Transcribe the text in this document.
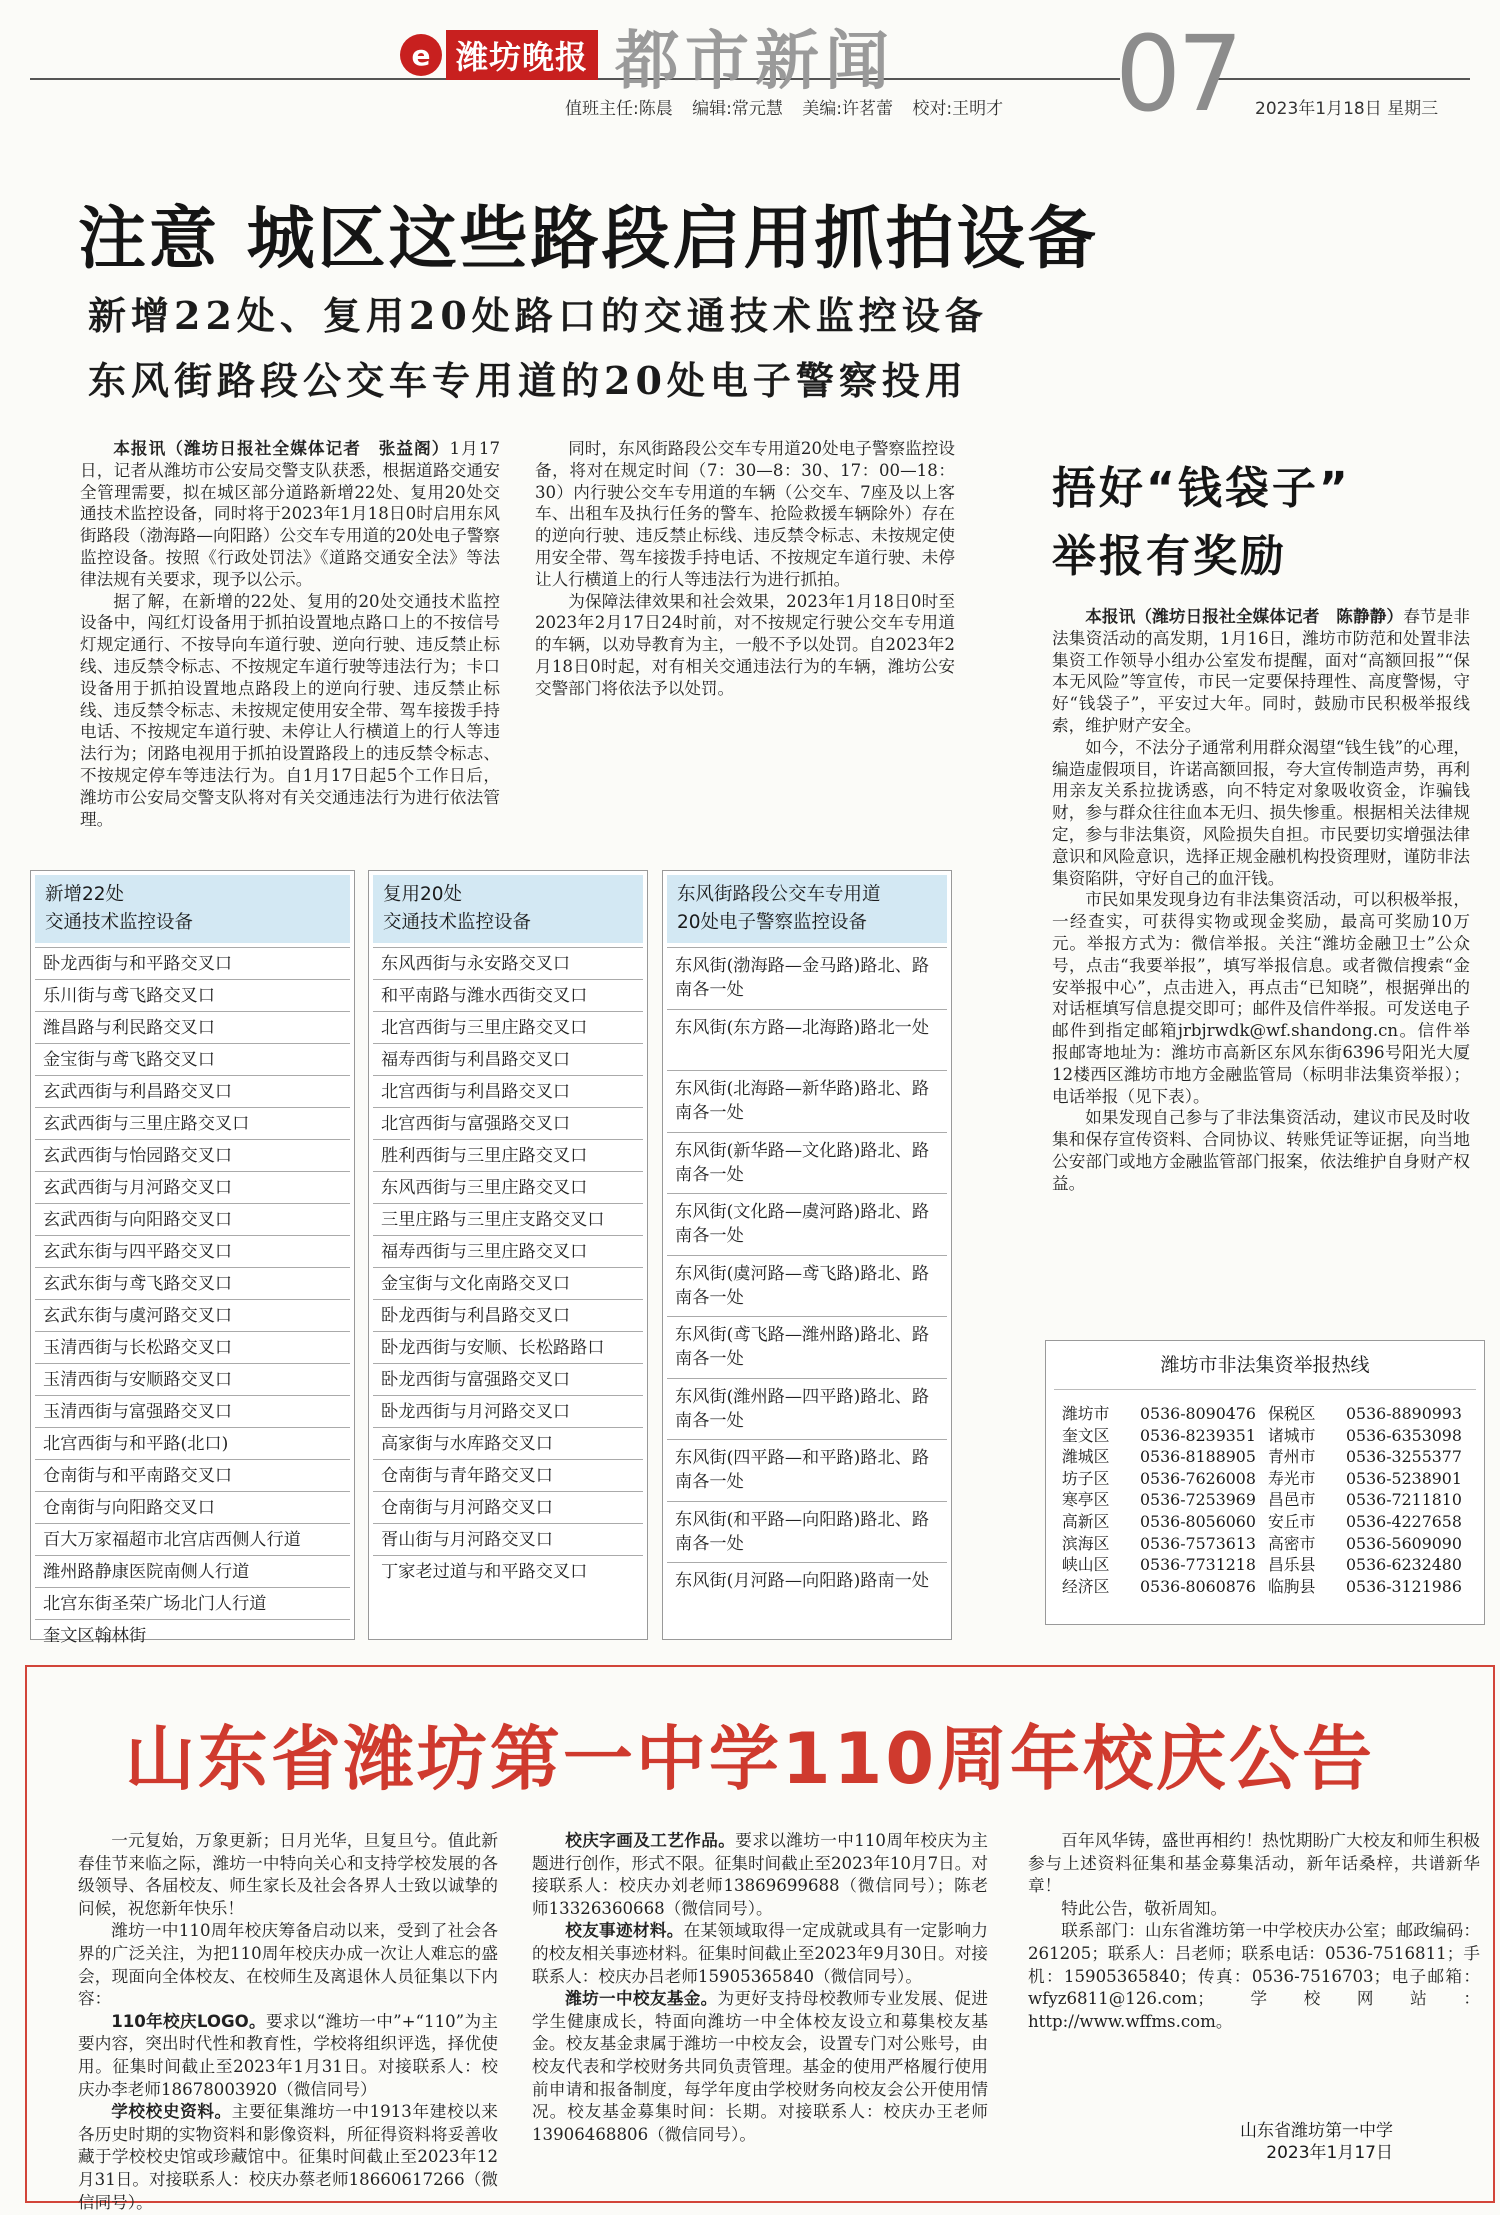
e 潍坊晚报 都市新闻 07
值班主任:陈晨 编辑:常元慧 美编:许茗蕾 校对:王明才	2023年1月18日 星期三
注意 城区这些路段启用抓拍设备
新增22处、复用20处路口的交通技术监控设备
东风街路段公交车专用道的20处电子警察投用

本报讯（潍坊日报社全媒体记者　张益阁）1月17日，记者从潍坊市公安局交警支队获悉，根据道路交通安全管理需要，拟在城区部分道路新增22处、复用20处交通技术监控设备，同时将于2023年1月18日0时启用东风街路段（渤海路—向阳路）公交车专用道的20处电子警察监控设备。按照《行政处罚法》《道路交通安全法》等法律法规有关要求，现予以公示。

据了解，在新增的22处、复用的20处交通技术监控设备中，闯红灯设备用于抓拍设置地点路口上的不按信号灯规定通行、不按导向车道行驶、逆向行驶、违反禁止标线、违反禁令标志、不按规定车道行驶等违法行为；卡口设备用于抓拍设置地点路段上的逆向行驶、违反禁止标线、违反禁令标志、未按规定使用安全带、驾车接拨手持电话、不按规定车道行驶、未停让人行横道上的行人等违法行为；闭路电视用于抓拍设置路段上的违反禁令标志、不按规定停车等违法行为。自1月17日起5个工作日后，潍坊市公安局交警支队将对有关交通违法行为进行依法管理。

同时，东风街路段公交车专用道20处电子警察监控设备，将对在规定时间（7：30—8：30、17：00—18：30）内行驶公交车专用道的车辆（公交车、7座及以上客车、出租车及执行任务的警车、抢险救援车辆除外）存在的逆向行驶、违反禁止标线、违反禁令标志、未按规定使用安全带、驾车接拨手持电话、不按规定车道行驶、未停让人行横道上的行人等违法行为进行抓拍。

为保障法律效果和社会效果，2023年1月18日0时至2023年2月17日24时前，对不按规定行驶公交车专用道的车辆，以劝导教育为主，一般不予以处罚。自2023年2月18日0时起，对有相关交通违法行为的车辆，潍坊公安交警部门将依法予以处罚。

新增22处
交通技术监控设备
卧龙西街与和平路交叉口
乐川街与鸢飞路交叉口
潍昌路与利民路交叉口
金宝街与鸢飞路交叉口
玄武西街与利昌路交叉口
玄武西街与三里庄路交叉口
玄武西街与怡园路交叉口
玄武西街与月河路交叉口
玄武西街与向阳路交叉口
玄武东街与四平路交叉口
玄武东街与鸢飞路交叉口
玄武东街与虞河路交叉口
玉清西街与长松路交叉口
玉清西街与安顺路交叉口
玉清西街与富强路交叉口
北宫西街与和平路(北口)
仓南街与和平南路交叉口
仓南街与向阳路交叉口
百大万家福超市北宫店西侧人行道
潍州路静康医院南侧人行道
北宫东街圣荣广场北门人行道
奎文区翰林街
复用20处
交通技术监控设备
东风西街与永安路交叉口
和平南路与潍水西街交叉口
北宫西街与三里庄路交叉口
福寿西街与利昌路交叉口
北宫西街与利昌路交叉口
北宫西街与富强路交叉口
胜利西街与三里庄路交叉口
东风西街与三里庄路交叉口
三里庄路与三里庄支路交叉口
福寿西街与三里庄路交叉口
金宝街与文化南路交叉口
卧龙西街与利昌路交叉口
卧龙西街与安顺、长松路路口
卧龙西街与富强路交叉口
卧龙西街与月河路交叉口
高家街与水库路交叉口
仓南街与青年路交叉口
仓南街与月河路交叉口
胥山街与月河路交叉口
丁家老过道与和平路交叉口
东风街路段公交车专用道
20处电子警察监控设备
东风街(渤海路—金马路)路北、路南各一处
东风街(东方路—北海路)路北一处
东风街(北海路—新华路)路北、路南各一处
东风街(新华路—文化路)路北、路南各一处
东风街(文化路—虞河路)路北、路南各一处
东风街(虞河路—鸢飞路)路北、路南各一处
东风街(鸢飞路—潍州路)路北、路南各一处
东风街(潍州路—四平路)路北、路南各一处
东风街(四平路—和平路)路北、路南各一处
东风街(和平路—向阳路)路北、路南各一处
东风街(月河路—向阳路)路南一处
捂好“钱袋子”
举报有奖励

本报讯（潍坊日报社全媒体记者　陈静静）春节是非法集资活动的高发期，1月16日，潍坊市防范和处置非法集资工作领导小组办公室发布提醒，面对“高额回报”“保本无风险”等宣传，市民一定要保持理性、高度警惕，守好“钱袋子”，平安过大年。同时，鼓励市民积极举报线索，维护财产安全。

如今，不法分子通常利用群众渴望“钱生钱”的心理，编造虚假项目，许诺高额回报，夸大宣传制造声势，再利用亲友关系拉拢诱惑，向不特定对象吸收资金，诈骗钱财，参与群众往往血本无归、损失惨重。根据相关法律规定，参与非法集资，风险损失自担。市民要切实增强法律意识和风险意识，选择正规金融机构投资理财，谨防非法集资陷阱，守好自己的血汗钱。

市民如果发现身边有非法集资活动，可以积极举报，一经查实，可获得实物或现金奖励，最高可奖励10万元。举报方式为：微信举报。关注“潍坊金融卫士”公众号，点击“我要举报”，填写举报信息。或者微信搜索“金安举报中心”，点击进入，再点击“已知晓”，根据弹出的对话框填写信息提交即可；邮件及信件举报。可发送电子邮件到指定邮箱jrbjrwdk@wf.shandong.cn。信件举报邮寄地址为：潍坊市高新区东风东街6396号阳光大厦12楼西区潍坊市地方金融监管局（标明非法集资举报）；电话举报（见下表）。

如果发现自己参与了非法集资活动，建议市民及时收集和保存宣传资料、合同协议、转账凭证等证据，向当地公安部门或地方金融监管部门报案，依法维护自身财产权益。

潍坊市非法集资举报热线
潍坊市	0536-8090476 保税区	0536-8890993
奎文区	0536-8239351 诸城市	0536-6353098
潍城区	0536-8188905 青州市	0536-3255377
坊子区	0536-7626008 寿光市	0536-5238901
寒亭区	0536-7253969 昌邑市	0536-7211810
高新区	0536-8056060 安丘市	0536-4227658
滨海区	0536-7573613 高密市	0536-5609090
峡山区	0536-7731218 昌乐县	0536-6232480
经济区	0536-8060876 临朐县	0536-3121986
山东省潍坊第一中学110周年校庆公告

一元复始，万象更新；日月光华，旦复旦兮。值此新春佳节来临之际，潍坊一中特向关心和支持学校发展的各级领导、各届校友、师生家长及社会各界人士致以诚挚的问候，祝您新年快乐！

潍坊一中110周年校庆筹备启动以来，受到了社会各界的广泛关注，为把110周年校庆办成一次让人难忘的盛会，现面向全体校友、在校师生及离退休人员征集以下内容：

110年校庆LOGO。要求以“潍坊一中”+“110”为主要内容，突出时代性和教育性，学校将组织评选，择优使用。征集时间截止至2023年1月31日。对接联系人：校庆办李老师18678003920（微信同号）

学校校史资料。主要征集潍坊一中1913年建校以来各历史时期的实物资料和影像资料，所征得资料将妥善收藏于学校校史馆或珍藏馆中。征集时间截止至2023年12月31日。对接联系人：校庆办蔡老师18660617266（微信同号）。

校庆字画及工艺作品。要求以潍坊一中110周年校庆为主题进行创作，形式不限。征集时间截止至2023年10月7日。对接联系人：校庆办刘老师13869699688（微信同号）；陈老师13326360668（微信同号）。

校友事迹材料。在某领域取得一定成就或具有一定影响力的校友相关事迹材料。征集时间截止至2023年9月30日。对接联系人：校庆办吕老师15905365840（微信同号）。

潍坊一中校友基金。为更好支持母校教师专业发展、促进学生健康成长，特面向潍坊一中全体校友设立和募集校友基金。校友基金隶属于潍坊一中校友会，设置专门对公账号，由校友代表和学校财务共同负责管理。基金的使用严格履行使用前申请和报备制度，每学年度由学校财务向校友会公开使用情况。校友基金募集时间：长期。对接联系人：校庆办王老师13906468806（微信同号）。

百年风华铸，盛世再相约！热忱期盼广大校友和师生积极参与上述资料征集和基金募集活动，新年话桑梓，共谱新华章！

特此公告，敬祈周知。

联系部门：山东省潍坊第一中学校庆办公室；邮政编码：261205；联系人：吕老师；联系电话：0536-7516811；手机：15905365840；传真：0536-7516703；电子邮箱：wfyz6811@126.com；学校网站：http://www.wffms.com。

山东省潍坊第一中学
2023年1月17日
